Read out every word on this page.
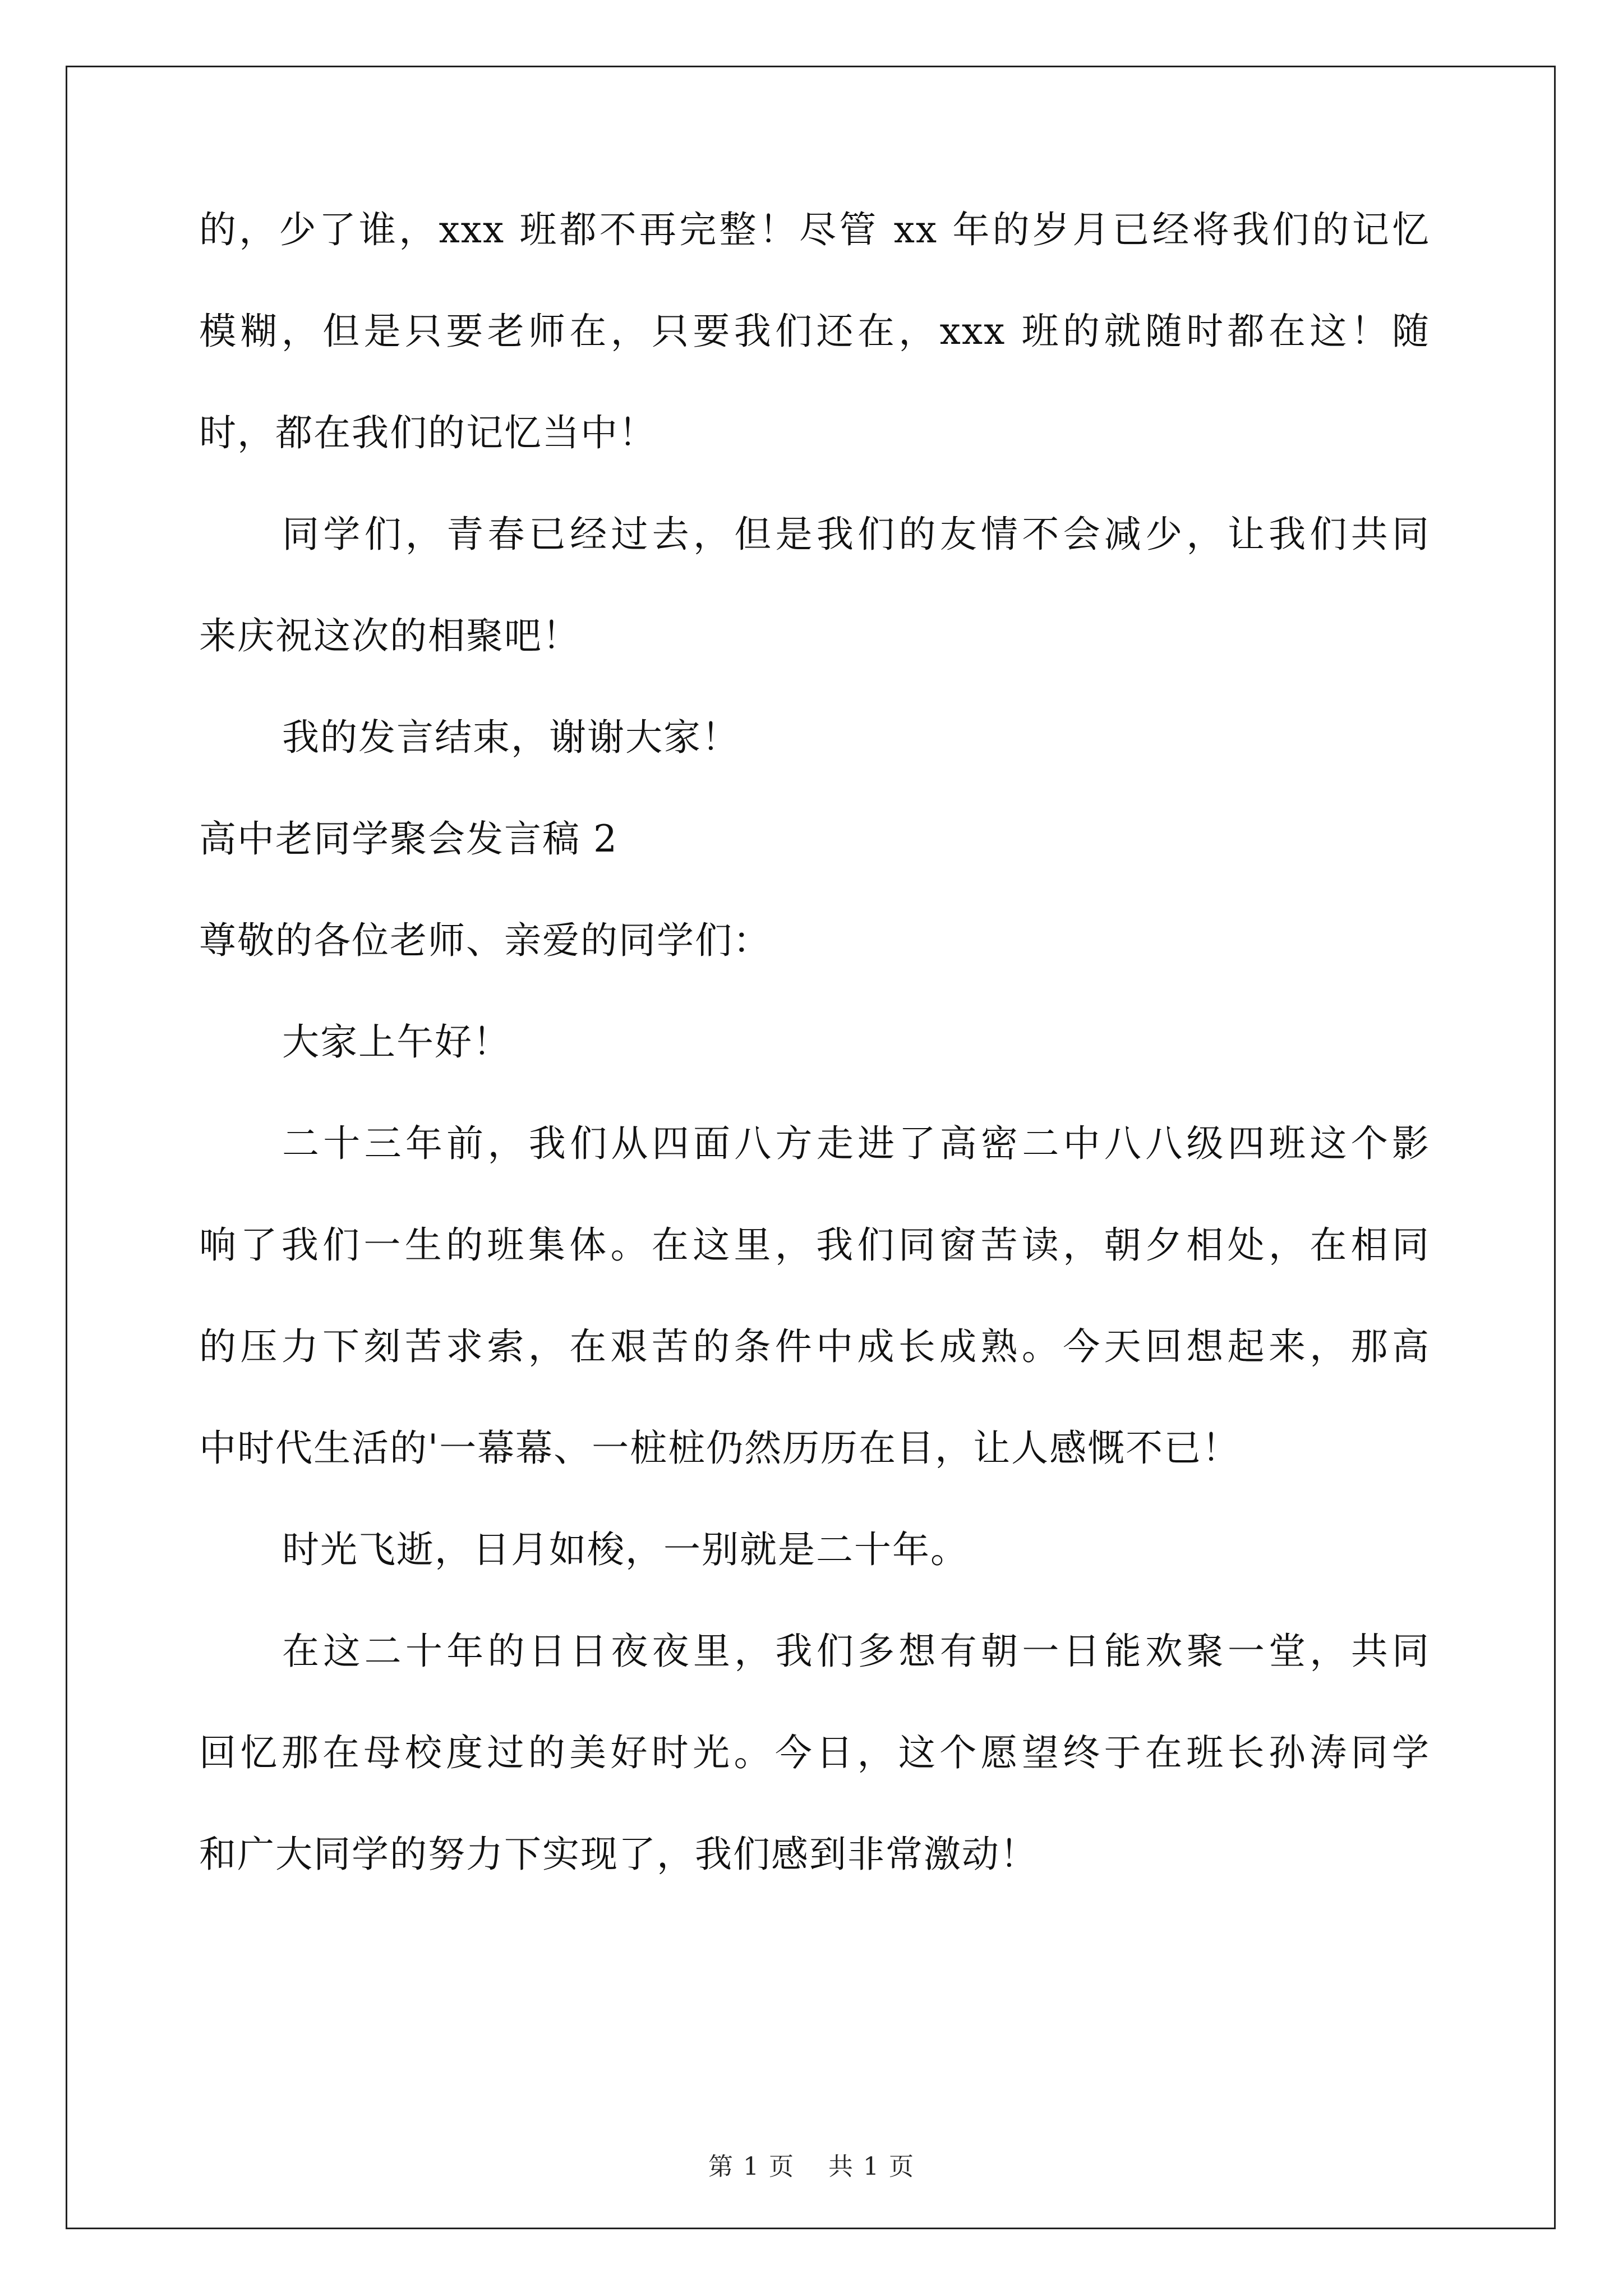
的，少了谁，xxx 班都不再完整！尽管 xx 年的岁月已经将我们的记忆
模糊，但是只要老师在，只要我们还在，xxx 班的就随时都在这！随
时，都在我们的记忆当中！
同学们，青春已经过去，但是我们的友情不会减少，让我们共同
来庆祝这次的相聚吧！
我的发言结束，谢谢大家！
高中老同学聚会发言稿 2
尊敬的各位老师、亲爱的同学们：
大家上午好！
二十三年前，我们从四面八方走进了高密二中八八级四班这个影
响了我们一生的班集体。在这里，我们同窗苦读，朝夕相处，在相同
的压力下刻苦求索，在艰苦的条件中成长成熟。今天回想起来，那高
中时代生活的'一幕幕、一桩桩仍然历历在目，让人感慨不已！
时光飞逝，日月如梭，一别就是二十年。
在这二十年的日日夜夜里，我们多想有朝一日能欢聚一堂，共同
回忆那在母校度过的美好时光。今日，这个愿望终于在班长孙涛同学
和广大同学的努力下实现了，我们感到非常激动！
第 1 页 共 1 页
